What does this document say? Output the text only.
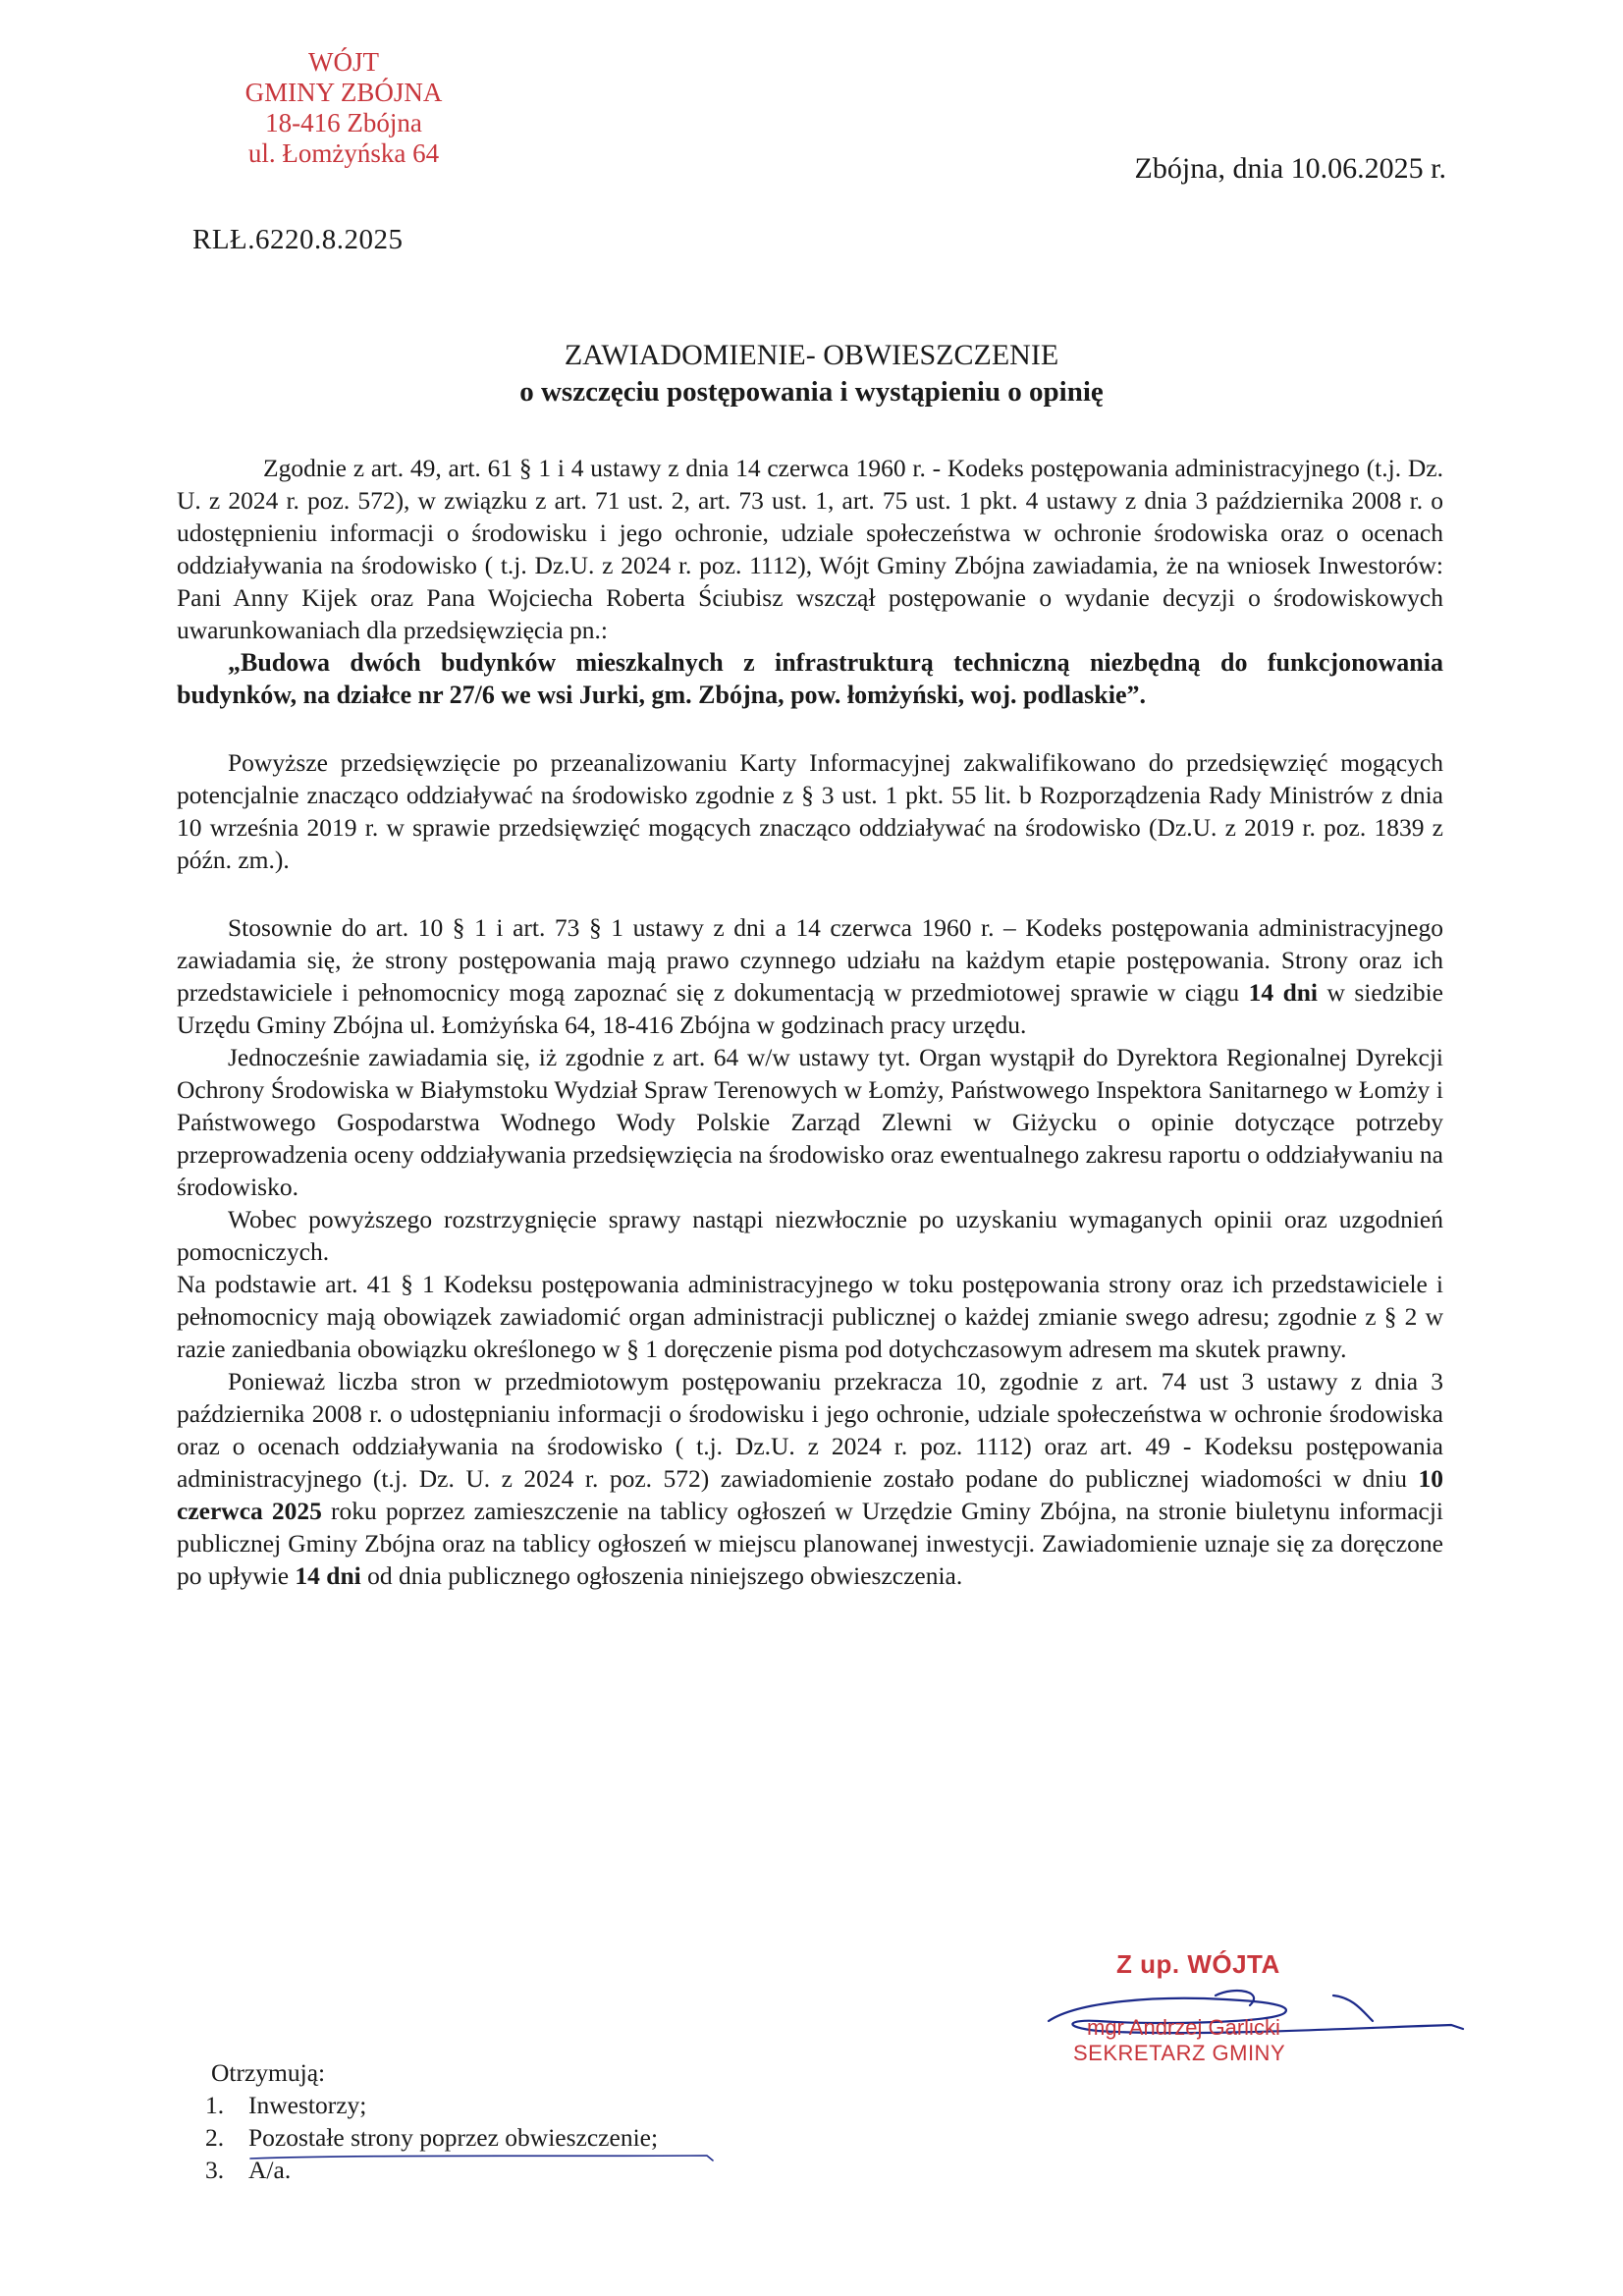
WÓJT
GMINY ZBÓJNA
18-416 Zbójna
ul. Łomżyńska 64	Zbójna, dnia 10.06.2025 r.
RLŁ.6220.8.2025
ZAWIADOMIENIE- OBWIESZCZENIE
o wszczęciu postępowania i wystąpieniu o opinię

Zgodnie z art. 49, art. 61 § 1 i 4 ustawy z dnia 14 czerwca 1960 r. - Kodeks postępowania administracyjnego (t.j. Dz. U. z 2024 r. poz. 572), w związku z art. 71 ust. 2, art. 73 ust. 1, art. 75 ust. 1 pkt. 4 ustawy z dnia 3 października 2008 r. o udostępnieniu informacji o środowisku i jego ochronie, udziale społeczeństwa w ochronie środowiska oraz o ocenach oddziaływania na środowisko ( t.j. Dz.U. z 2024 r. poz. 1112), Wójt Gminy Zbójna zawiadamia, że na wniosek Inwestorów: Pani Anny Kijek oraz Pana Wojciecha Roberta Ściubisz wszczął postępowanie o wydanie decyzji o środowiskowych uwarunkowaniach dla przedsięwzięcia pn.:

„Budowa dwóch budynków mieszkalnych z infrastrukturą techniczną niezbędną do funkcjonowania budynków, na działce nr 27/6 we wsi Jurki, gm. Zbójna, pow. łomżyński, woj. podlaskie”.

Powyższe przedsięwzięcie po przeanalizowaniu Karty Informacyjnej zakwalifikowano do przedsięwzięć mogących potencjalnie znacząco oddziaływać na środowisko zgodnie z § 3 ust. 1 pkt. 55 lit. b Rozporządzenia Rady Ministrów z dnia 10 września 2019 r. w sprawie przedsięwzięć mogących znacząco oddziaływać na środowisko (Dz.U. z 2019 r. poz. 1839 z późn. zm.).

Stosownie do art. 10 § 1 i art. 73 § 1 ustawy z dni a 14 czerwca 1960 r. – Kodeks postępowania administracyjnego zawiadamia się, że strony postępowania mają prawo czynnego udziału na każdym etapie postępowania. Strony oraz ich przedstawiciele i pełnomocnicy mogą zapoznać się z dokumentacją w przedmiotowej sprawie w ciągu 14 dni w siedzibie Urzędu Gminy Zbójna ul. Łomżyńska 64, 18-416 Zbójna w godzinach pracy urzędu.

Jednocześnie zawiadamia się, iż zgodnie z art. 64 w/w ustawy tyt. Organ wystąpił do Dyrektora Regionalnej Dyrekcji Ochrony Środowiska w Białymstoku Wydział Spraw Terenowych w Łomży, Państwowego Inspektora Sanitarnego w Łomży i Państwowego Gospodarstwa Wodnego Wody Polskie Zarząd Zlewni w Giżycku o opinie dotyczące potrzeby przeprowadzenia oceny oddziaływania przedsięwzięcia na środowisko oraz ewentualnego zakresu raportu o oddziaływaniu na środowisko.

Wobec powyższego rozstrzygnięcie sprawy nastąpi niezwłocznie po uzyskaniu wymaganych opinii oraz uzgodnień pomocniczych.

Na podstawie art. 41 § 1 Kodeksu postępowania administracyjnego w toku postępowania strony oraz ich przedstawiciele i pełnomocnicy mają obowiązek zawiadomić organ administracji publicznej o każdej zmianie swego adresu; zgodnie z § 2 w razie zaniedbania obowiązku określonego w § 1 doręczenie pisma pod dotychczasowym adresem ma skutek prawny.

Ponieważ liczba stron w przedmiotowym postępowaniu przekracza 10, zgodnie z art. 74 ust 3 ustawy z dnia 3 października 2008 r. o udostępnianiu informacji o środowisku i jego ochronie, udziale społeczeństwa w ochronie środowiska oraz o ocenach oddziaływania na środowisko ( t.j. Dz.U. z 2024 r. poz. 1112) oraz art. 49 - Kodeksu postępowania administracyjnego (t.j. Dz. U. z 2024 r. poz. 572) zawiadomienie zostało podane do publicznej wiadomości w dniu 10 czerwca 2025 roku poprzez zamieszczenie na tablicy ogłoszeń w Urzędzie Gminy Zbójna, na stronie biuletynu informacji publicznej Gminy Zbójna oraz na tablicy ogłoszeń w miejscu planowanej inwestycji. Zawiadomienie uznaje się za doręczone po upływie 14 dni od dnia publicznego ogłoszenia niniejszego obwieszczenia.

Z up. WÓJTA
mgr Andrzej Garlicki
SEKRETARZ GMINY
Otrzymują:
1. Inwestorzy;
2. Pozostałe strony poprzez obwieszczenie;
3. A/a.
